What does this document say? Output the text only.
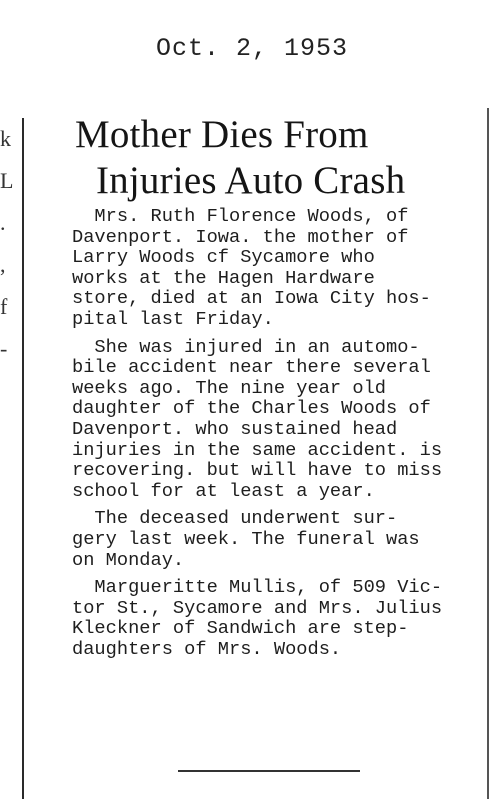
Oct. 2, 1953
k
L
.
,
f
-
Mother Dies From
Injuries Auto Crash
Mrs. Ruth Florence Woods, of
Davenport. Iowa. the mother of
Larry Woods cf Sycamore who
works at the Hagen Hardware
store, died at an Iowa City hos-
pital last Friday.
She was injured in an automo-
bile accident near there several
weeks ago. The nine year old
daughter of the Charles Woods of
Davenport. who sustained head
injuries in the same accident. is
recovering. but will have to miss
school for at least a year.
The deceased underwent sur-
gery last week. The funeral was
on Monday.
Margueritte Mullis, of 509 Vic-
tor St., Sycamore and Mrs. Julius
Kleckner of Sandwich are step-
daughters of Mrs. Woods.
